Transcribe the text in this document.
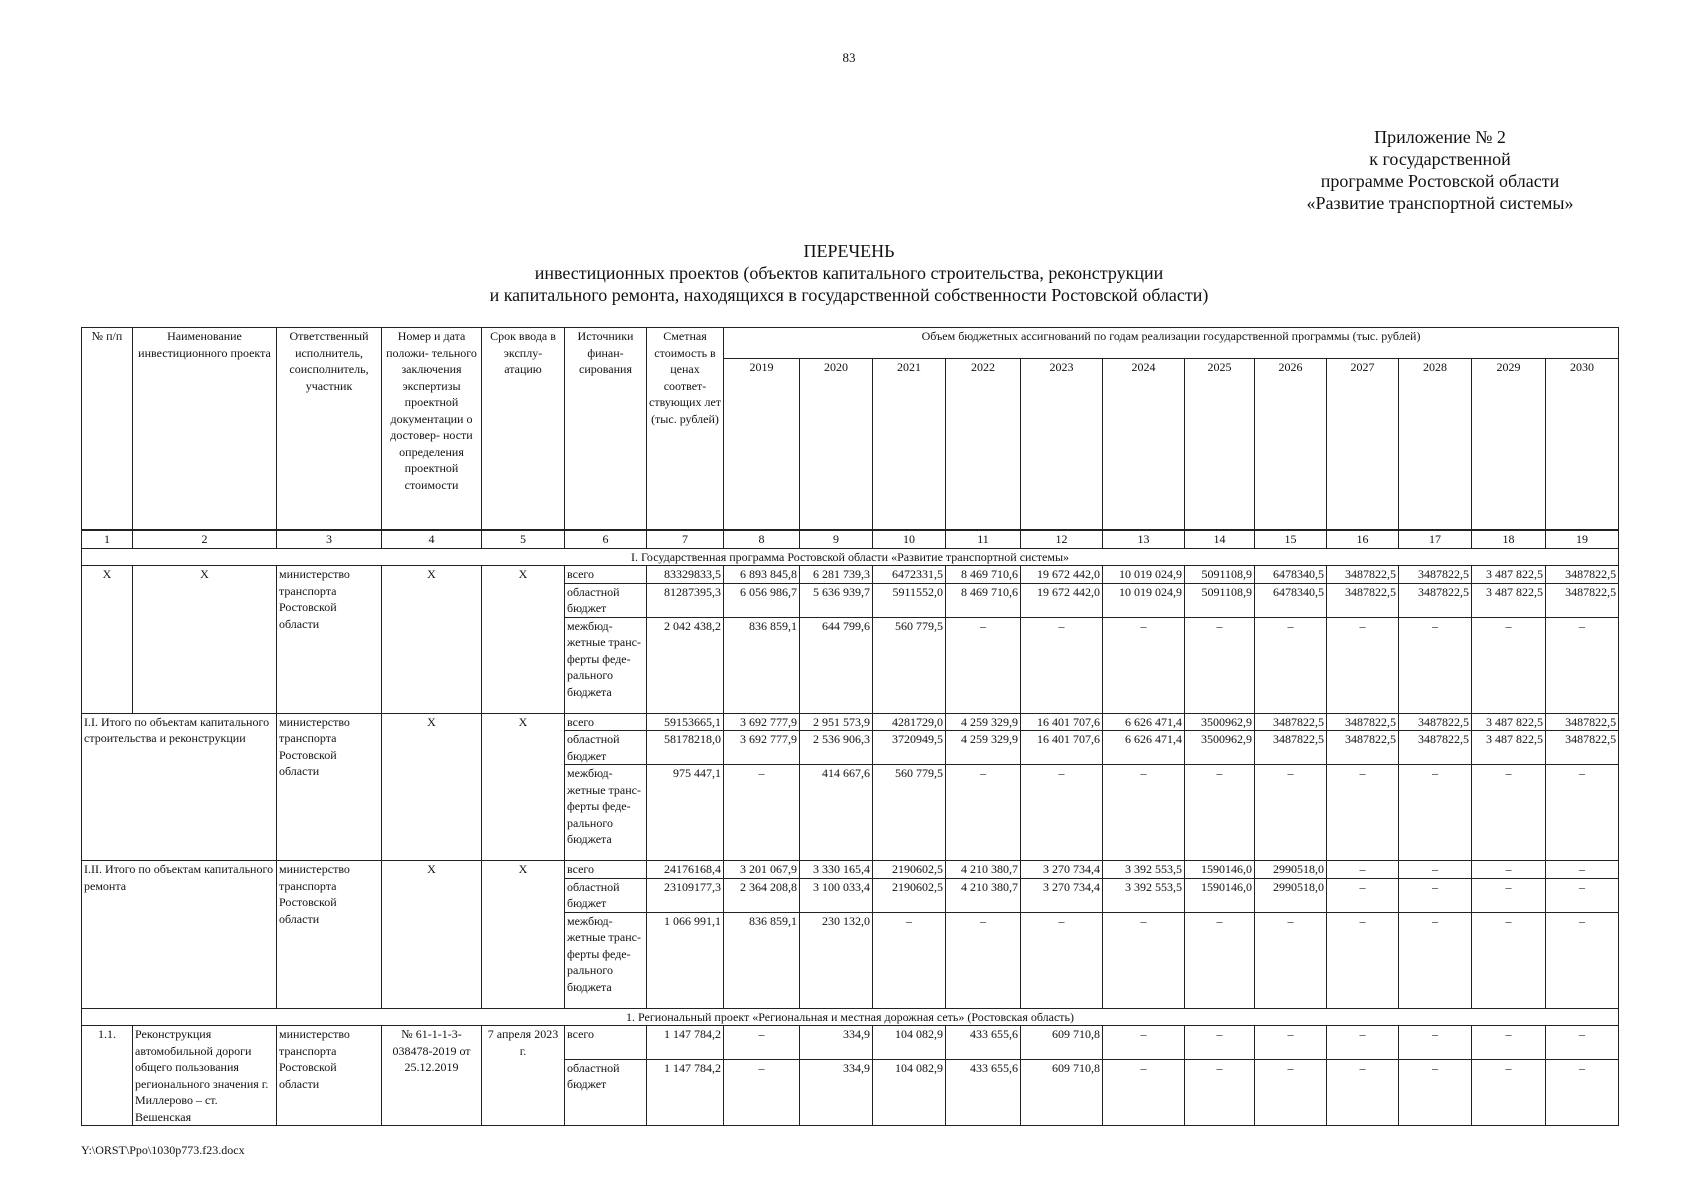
83
Приложение № 2
к государственной
программе Ростовской области
«Развитие транспортной системы»
ПЕРЕЧЕНЬ
инвестиционных проектов (объектов капитального строительства, реконструкции
и капитального ремонта, находящихся в государственной собственности Ростовской области)
№ п/п	Наименование инвестиционного проекта	Ответственный исполнитель, соисполнитель, участник	Номер и дата положи- тельного заключения экспертизы проектной документации о достовер- ности определения проектной стоимости	Срок ввода в эксплу- атацию	Источники финан- сирования	Сметная стоимость в ценах соответ- ствующих лет (тыс. рублей)	Объем бюджетных ассигнований по годам реализации государственной программы (тыс. рублей)											
							2019	2020	2021	2022	2023	2024	2025	2026	2027	2028	2029	2030
1	2	3	4	5	6	7	8	9	10	11	12	13	14	15	16	17	18	19
I. Государственная программа Ростовской области «Развитие транспортной системы»																		
X	X	министерство транспорта Ростовской области	X	X	всего	83329833,5	6 893 845,8	6 281 739,3	6472331,5	8 469 710,6	19 672 442,0	10 019 024,9	5091108,9	6478340,5	3487822,5	3487822,5	3 487 822,5	3487822,5
					областной бюджет	81287395,3	6 056 986,7	5 636 939,7	5911552,0	8 469 710,6	19 672 442,0	10 019 024,9	5091108,9	6478340,5	3487822,5	3487822,5	3 487 822,5	3487822,5
					межбюд- жетные транс- ферты феде- рального бюджета	2 042 438,2	836 859,1	644 799,6	560 779,5	–	–	–	–	–	–	–	–	–
I.I. Итого по объектам капитального строительства и реконструкции		министерство транспорта Ростовской области	X	X	всего	59153665,1	3 692 777,9	2 951 573,9	4281729,0	4 259 329,9	16 401 707,6	6 626 471,4	3500962,9	3487822,5	3487822,5	3487822,5	3 487 822,5	3487822,5
					областной бюджет	58178218,0	3 692 777,9	2 536 906,3	3720949,5	4 259 329,9	16 401 707,6	6 626 471,4	3500962,9	3487822,5	3487822,5	3487822,5	3 487 822,5	3487822,5
					межбюд- жетные транс- ферты феде- рального бюджета	975 447,1	–	414 667,6	560 779,5	–	–	–	–	–	–	–	–	–
I.II. Итого по объектам капитального ремонта		министерство транспорта Ростовской области	X	X	всего	24176168,4	3 201 067,9	3 330 165,4	2190602,5	4 210 380,7	3 270 734,4	3 392 553,5	1590146,0	2990518,0	–	–	–	–
					областной бюджет	23109177,3	2 364 208,8	3 100 033,4	2190602,5	4 210 380,7	3 270 734,4	3 392 553,5	1590146,0	2990518,0	–	–	–	–
					межбюд- жетные транс- ферты феде- рального бюджета	1 066 991,1	836 859,1	230 132,0	–	–	–	–	–	–	–	–	–	–
1. Региональный проект «Региональная и местная дорожная сеть» (Ростовская область)																		
1.1.	Реконструкция автомобильной дороги общего пользования регионального значения г. Миллерово – ст. Вешенская	министерство транспорта Ростовской области	№ 61-1-1-3-038478-2019 от 25.12.2019	7 апреля 2023 г.	всего	1 147 784,2	–	334,9	104 082,9	433 655,6	609 710,8	–	–	–	–	–	–	–
					областной бюджет	1 147 784,2	–	334,9	104 082,9	433 655,6	609 710,8	–	–	–	–	–	–	–
Y:\ORST\Ppo\1030p773.f23.docx
